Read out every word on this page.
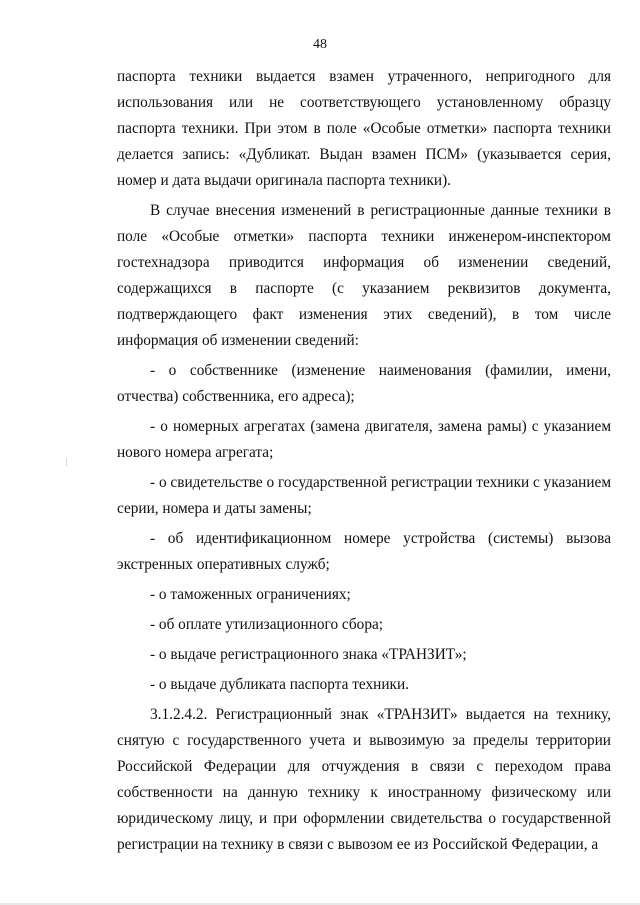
48

паспорта техники выдается взамен утраченного, непригодного для использования или не соответствующего установленному образцу паспорта техники. При этом в поле «Особые отметки» паспорта техники делается запись: «Дубликат. Выдан взамен ПСМ» (указывается серия, номер и дата выдачи оригинала паспорта техники).

В случае внесения изменений в регистрационные данные техники в поле «Особые отметки» паспорта техники инженером-инспектором гостехнадзора приводится информация об изменении сведений, содержащихся в паспорте (с указанием реквизитов документа, подтверждающего факт изменения этих сведений), в том числе информация об изменении сведений:

- о собственнике (изменение наименования (фамилии, имени, отчества) собственника, его адреса);

- о номерных агрегатах (замена двигателя, замена рамы) с указанием нового номера агрегата;

- о свидетельстве о государственной регистрации техники с указанием серии, номера и даты замены;

- об идентификационном номере устройства (системы) вызова экстренных оперативных служб;

- о таможенных ограничениях;

- об оплате утилизационного сбора;

- о выдаче регистрационного знака «ТРАНЗИТ»;

- о выдаче дубликата паспорта техники.

3.1.2.4.2. Регистрационный знак «ТРАНЗИТ» выдается на технику, снятую с государственного учета и вывозимую за пределы территории Российской Федерации для отчуждения в связи с переходом права собственности на данную технику к иностранному физическому или юридическому лицу, и при оформлении свидетельства о государственной регистрации на технику в связи с вывозом ее из Российской Федерации, а
